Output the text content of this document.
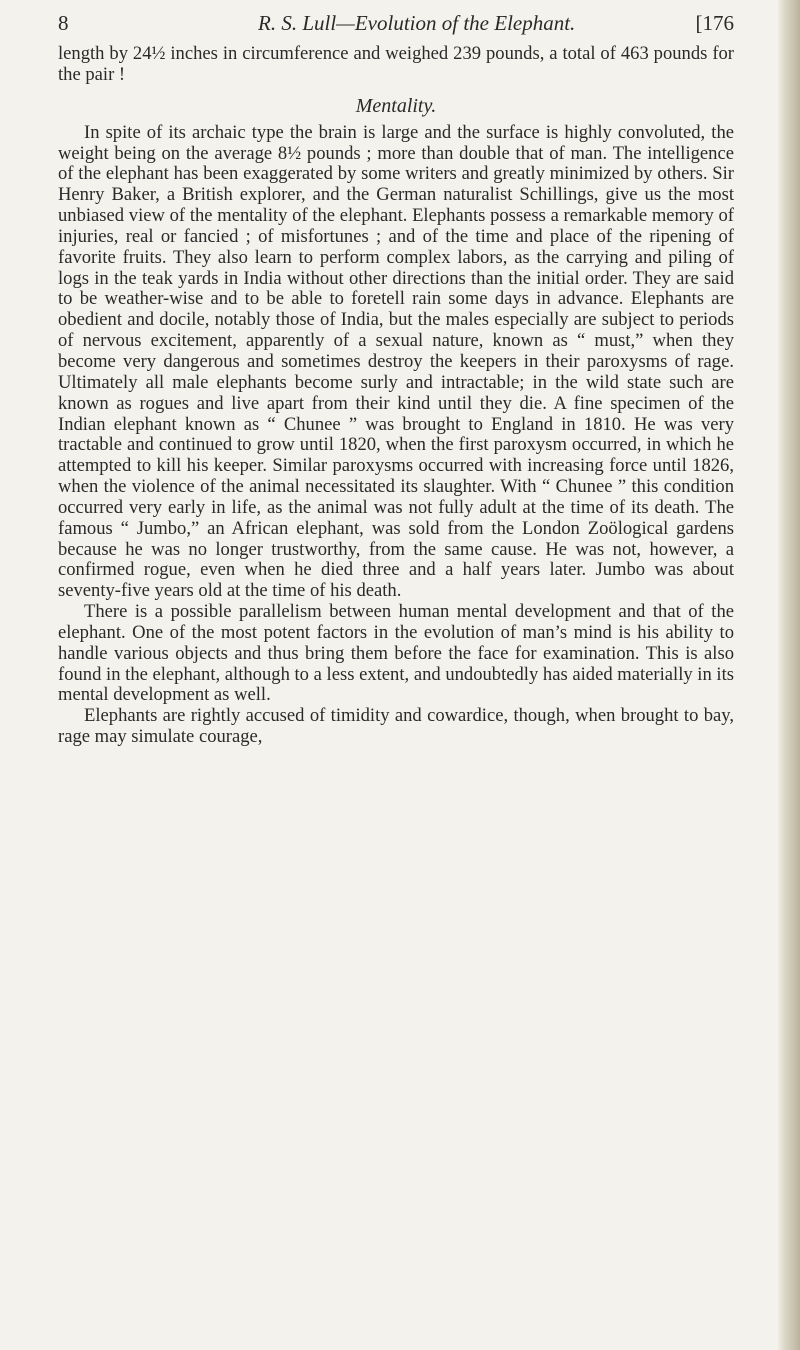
8	R. S. Lull—Evolution of the Elephant.	[176

length by 24½ inches in circumference and weighed 239 pounds, a total of 463 pounds for the pair !

Mentality.

In spite of its archaic type the brain is large and the surface is highly convoluted, the weight being on the average 8½ pounds ; more than double that of man. The intelligence of the elephant has been exaggerated by some writers and greatly minimized by others. Sir Henry Baker, a British explorer, and the German naturalist Schillings, give us the most unbiased view of the mentality of the elephant. Elephants possess a remarkable memory of injuries, real or fancied ; of misfortunes ; and of the time and place of the ripening of favorite fruits. They also learn to perform complex labors, as the carrying and piling of logs in the teak yards in India without other directions than the initial order. They are said to be weather-wise and to be able to foretell rain some days in advance. Elephants are obedient and docile, notably those of India, but the males especially are subject to periods of nervous excitement, apparently of a sexual nature, known as “ must,” when they become very dangerous and sometimes destroy the keepers in their paroxysms of rage. Ultimately all male elephants become surly and intractable; in the wild state such are known as rogues and live apart from their kind until they die. A fine specimen of the Indian elephant known as “ Chunee ” was brought to England in 1810. He was very tractable and continued to grow until 1820, when the first paroxysm occurred, in which he attempted to kill his keeper. Similar paroxysms occurred with increasing force until 1826, when the violence of the animal necessitated its slaughter. With “ Chunee ” this condition occurred very early in life, as the animal was not fully adult at the time of its death. The famous “ Jumbo,” an African elephant, was sold from the London Zoölogical gardens because he was no longer trustworthy, from the same cause. He was not, however, a confirmed rogue, even when he died three and a half years later. Jumbo was about seventy-five years old at the time of his death.

There is a possible parallelism between human mental development and that of the elephant. One of the most potent factors in the evolution of man’s mind is his ability to handle various objects and thus bring them before the face for examination. This is also found in the elephant, although to a less extent, and undoubtedly has aided materially in its mental development as well.

Elephants are rightly accused of timidity and cowardice, though, when brought to bay, rage may simulate courage,
